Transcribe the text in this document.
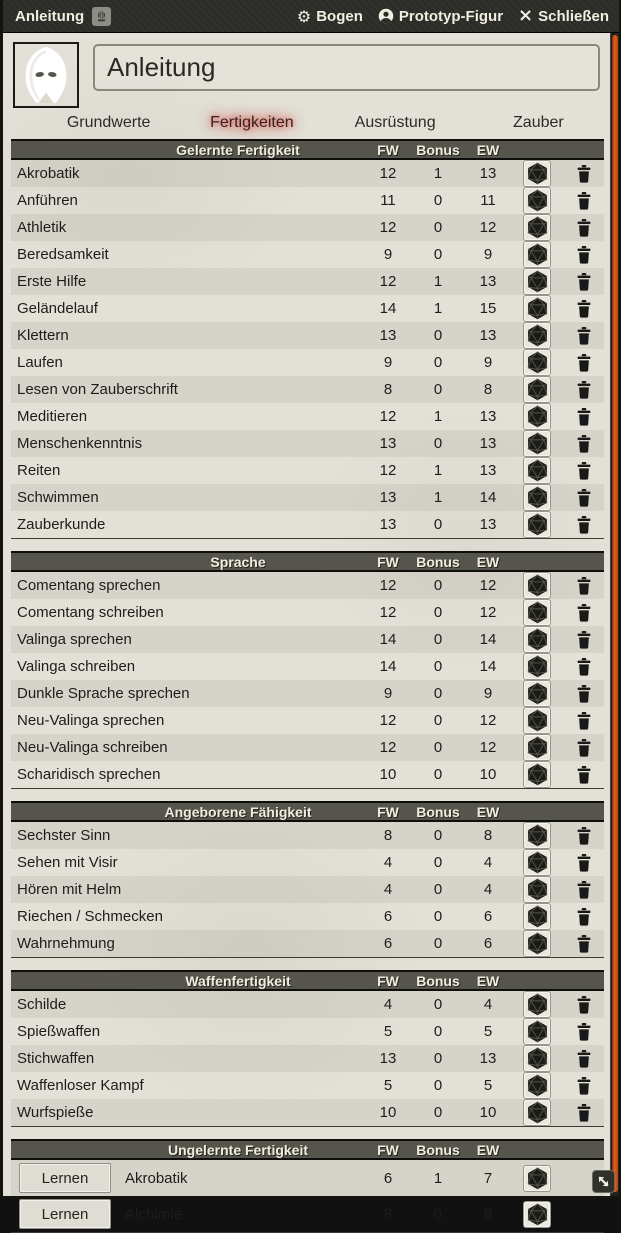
Anleitung	⚙ Bogen Prototyp-Figur × Schließen
Anleitung
Grundwerte	Fertigkeiten	Ausrüstung	Zauber
Gelernte Fertigkeit	FW	Bonus	EW
Akrobatik	12	1	13
Anführen	11	0	11
Athletik	12	0	12
Beredsamkeit	9	0	9
Erste Hilfe	12	1	13
Geländelauf	14	1	15
Klettern	13	0	13
Laufen	9	0	9
Lesen von Zauberschrift	8	0	8
Meditieren	12	1	13
Menschenkenntnis	13	0	13
Reiten	12	1	13
Schwimmen	13	1	14
Zauberkunde	13	0	13
Sprache	FW	Bonus	EW
Comentang sprechen	12	0	12
Comentang schreiben	12	0	12
Valinga sprechen	14	0	14
Valinga schreiben	14	0	14
Dunkle Sprache sprechen	9	0	9
Neu-Valinga sprechen	12	0	12
Neu-Valinga schreiben	12	0	12
Scharidisch sprechen	10	0	10
Angeborene Fähigkeit	FW	Bonus	EW
Sechster Sinn	8	0	8
Sehen mit Visir	4	0	4
Hören mit Helm	4	0	4
Riechen / Schmecken	6	0	6
Wahrnehmung	6	0	6
Waffenfertigkeit	FW	Bonus	EW
Schilde	4	0	4
Spießwaffen	5	0	5
Stichwaffen	13	0	13
Waffenloser Kampf	5	0	5
Wurfspieße	10	0	10
Ungelernte Fertigkeit	FW	Bonus	EW
Lernen	Akrobatik	6	1	7
Lernen	Alchimie	8	0	8
